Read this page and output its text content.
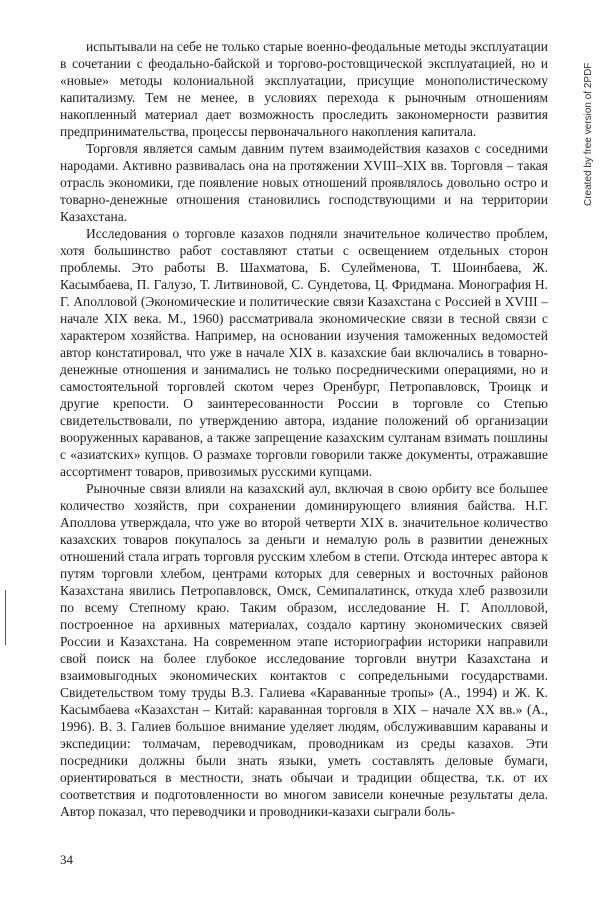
испытывали на себе не только старые военно-феодальные методы эксплуатации в сочетании с феодально-байской и торгово-ростовщической эксплуатацией, но и «новые» методы колониальной эксплуатации, присущие монополистическому капитализму. Тем не менее, в условиях перехода к рыночным отношениям накопленный материал дает возможность проследить закономерности развития предпринимательства, процессы первоначального накопления капитала.

Торговля является самым давним путем взаимодействия казахов с соседними народами. Активно развивалась она на протяжении XVIII–XIX вв. Торговля – такая отрасль экономики, где появление новых отношений проявлялось довольно остро и товарно-денежные отношения становились господствующими и на территории Казахстана.

Исследования о торговле казахов подняли значительное количество проблем, хотя большинство работ составляют статьи с освещением отдельных сторон проблемы. Это работы В. Шахматова, Б. Сулейменова, Т. Шоинбаева, Ж. Касымбаева, П. Галузо, Т. Литвиновой, С. Сундетова, Ц. Фридмана. Монография Н. Г. Аполловой (Экономические и политические связи Казахстана с Россией в XVIII – начале XIX века. М., 1960) рассматривала экономические связи в тесной связи с характером хозяйства. Например, на основании изучения таможенных ведомостей автор констатировал, что уже в начале XIX в. казахские баи включались в товарно-денежные отношения и занимались не только посредническими операциями, но и самостоятельной торговлей скотом через Оренбург, Петропавловск, Троицк и другие крепости. О заинтересованности России в торговле со Степью свидетельствовали, по утверждению автора, издание положений об организации вооруженных караванов, а также запрещение казахским султанам взимать пошлины с «азиатских» купцов. О размахе торговли говорили также документы, отражавшие ассортимент товаров, привозимых русскими купцами.

Рыночные связи влияли на казахский аул, включая в свою орбиту все большее количество хозяйств, при сохранении доминирующего влияния байства. Н.Г. Аполлова утверждала, что уже во второй четверти XIX в. значительное количество казахских товаров покупалось за деньги и немалую роль в развитии денежных отношений стала играть торговля русским хлебом в степи. Отсюда интерес автора к путям торговли хлебом, центрами которых для северных и восточных районов Казахстана явились Петропавловск, Омск, Семипалатинск, откуда хлеб развозили по всему Степному краю. Таким образом, исследование Н. Г. Аполловой, построенное на архивных материалах, создало картину экономических связей России и Казахстана. На современном этапе историографии историки направили свой поиск на более глубокое исследование торговли внутри Казахстана и взаимовыгодных экономических контактов с сопредельными государствами. Свидетельством тому труды В.З. Галиева «Караванные тропы» (А., 1994) и Ж. К. Касымбаева «Казахстан – Китай: караванная торговля в XIX – начале XX вв.» (А., 1996). В. З. Галиев большое внимание уделяет людям, обслуживавшим караваны и экспедиции: толмачам, переводчикам, проводникам из среды казахов. Эти посредники должны были знать языки, уметь составлять деловые бумаги, ориентироваться в местности, знать обычаи и традиции общества, т.к. от их соответствия и подготовленности во многом зависели конечные результаты дела. Автор показал, что переводчики и проводники-казахи сыграли боль-

34
Created by free version of 2PDF
